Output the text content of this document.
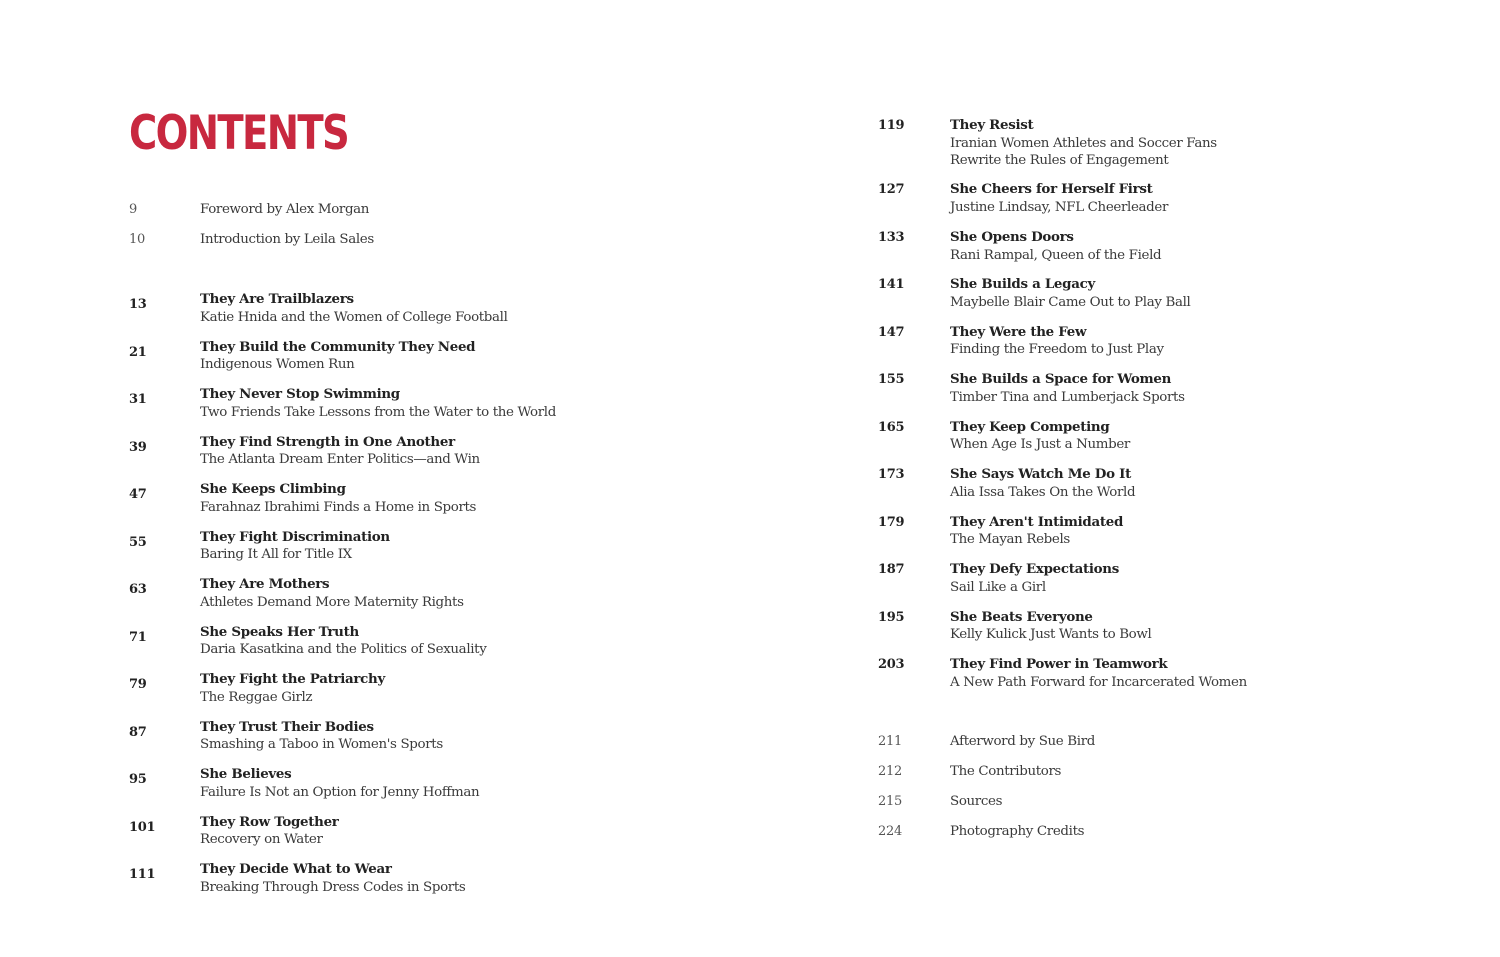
CONTENTS
9	Foreword by Alex Morgan
10	Introduction by Leila Sales
13	They Are Trailblazers
Katie Hnida and the Women of College Football
21	They Build the Community They Need
Indigenous Women Run
31	They Never Stop Swimming
Two Friends Take Lessons from the Water to the World
39	They Find Strength in One Another
The Atlanta Dream Enter Politics—and Win
47	She Keeps Climbing
Farahnaz Ibrahimi Finds a Home in Sports
55	They Fight Discrimination
Baring It All for Title IX
63	They Are Mothers
Athletes Demand More Maternity Rights
71	She Speaks Her Truth
Daria Kasatkina and the Politics of Sexuality
79	They Fight the Patriarchy
The Reggae Girlz
87	They Trust Their Bodies
Smashing a Taboo in Women's Sports
95	She Believes
Failure Is Not an Option for Jenny Hoffman
101	They Row Together
Recovery on Water
111	They Decide What to Wear
Breaking Through Dress Codes in Sports
119	They Resist
Iranian Women Athletes and Soccer Fans Rewrite the Rules of Engagement
127	She Cheers for Herself First
Justine Lindsay, NFL Cheerleader
133	She Opens Doors
Rani Rampal, Queen of the Field
141	She Builds a Legacy
Maybelle Blair Came Out to Play Ball
147	They Were the Few
Finding the Freedom to Just Play
155	She Builds a Space for Women
Timber Tina and Lumberjack Sports
165	They Keep Competing
When Age Is Just a Number
173	She Says Watch Me Do It
Alia Issa Takes On the World
179	They Aren't Intimidated
The Mayan Rebels
187	They Defy Expectations
Sail Like a Girl
195	She Beats Everyone
Kelly Kulick Just Wants to Bowl
203	They Find Power in Teamwork
A New Path Forward for Incarcerated Women
211	Afterword by Sue Bird
212	The Contributors
215	Sources
224	Photography Credits
